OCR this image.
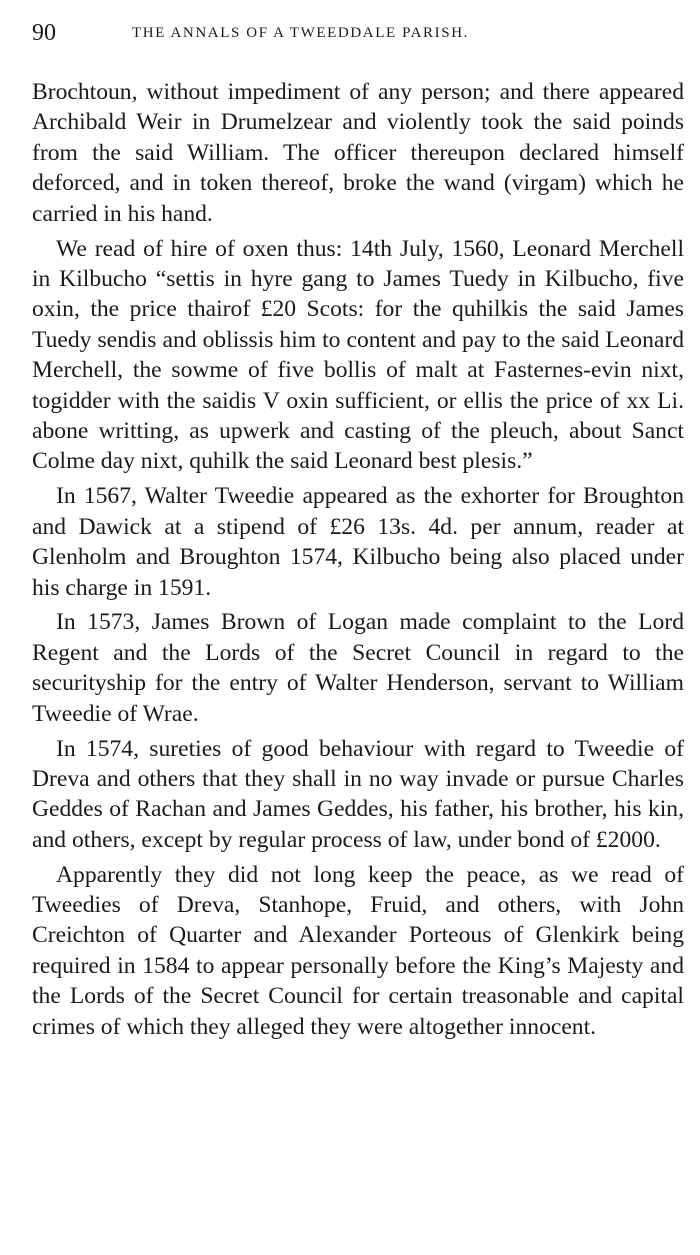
90	THE ANNALS OF A TWEEDDALE PARISH.

Brochtoun, without impediment of any person; and there appeared Archibald Weir in Drumelzear and violently took the said poinds from the said William. The officer thereupon declared himself deforced, and in token thereof, broke the wand (virgam) which he carried in his hand.

We read of hire of oxen thus: 14th July, 1560, Leonard Merchell in Kilbucho “settis in hyre gang to James Tuedy in Kilbucho, five oxin, the price thairof £20 Scots: for the quhilkis the said James Tuedy sendis and oblissis him to content and pay to the said Leonard Merchell, the sowme of five bollis of malt at Fasternes-evin nixt, togidder with the saidis V oxin sufficient, or ellis the price of xx Li. abone writting, as upwerk and casting of the pleuch, about Sanct Colme day nixt, quhilk the said Leonard best plesis.”

In 1567, Walter Tweedie appeared as the exhorter for Broughton and Dawick at a stipend of £26 13s. 4d. per annum, reader at Glenholm and Broughton 1574, Kilbucho being also placed under his charge in 1591.

In 1573, James Brown of Logan made complaint to the Lord Regent and the Lords of the Secret Council in regard to the securityship for the entry of Walter Henderson, servant to William Tweedie of Wrae.

In 1574, sureties of good behaviour with regard to Tweedie of Dreva and others that they shall in no way invade or pursue Charles Geddes of Rachan and James Geddes, his father, his brother, his kin, and others, except by regular process of law, under bond of £2000.

Apparently they did not long keep the peace, as we read of Tweedies of Dreva, Stanhope, Fruid, and others, with John Creichton of Quarter and Alexander Porteous of Glenkirk being required in 1584 to appear personally before the King’s Majesty and the Lords of the Secret Council for certain treasonable and capital crimes of which they alleged they were altogether innocent.
